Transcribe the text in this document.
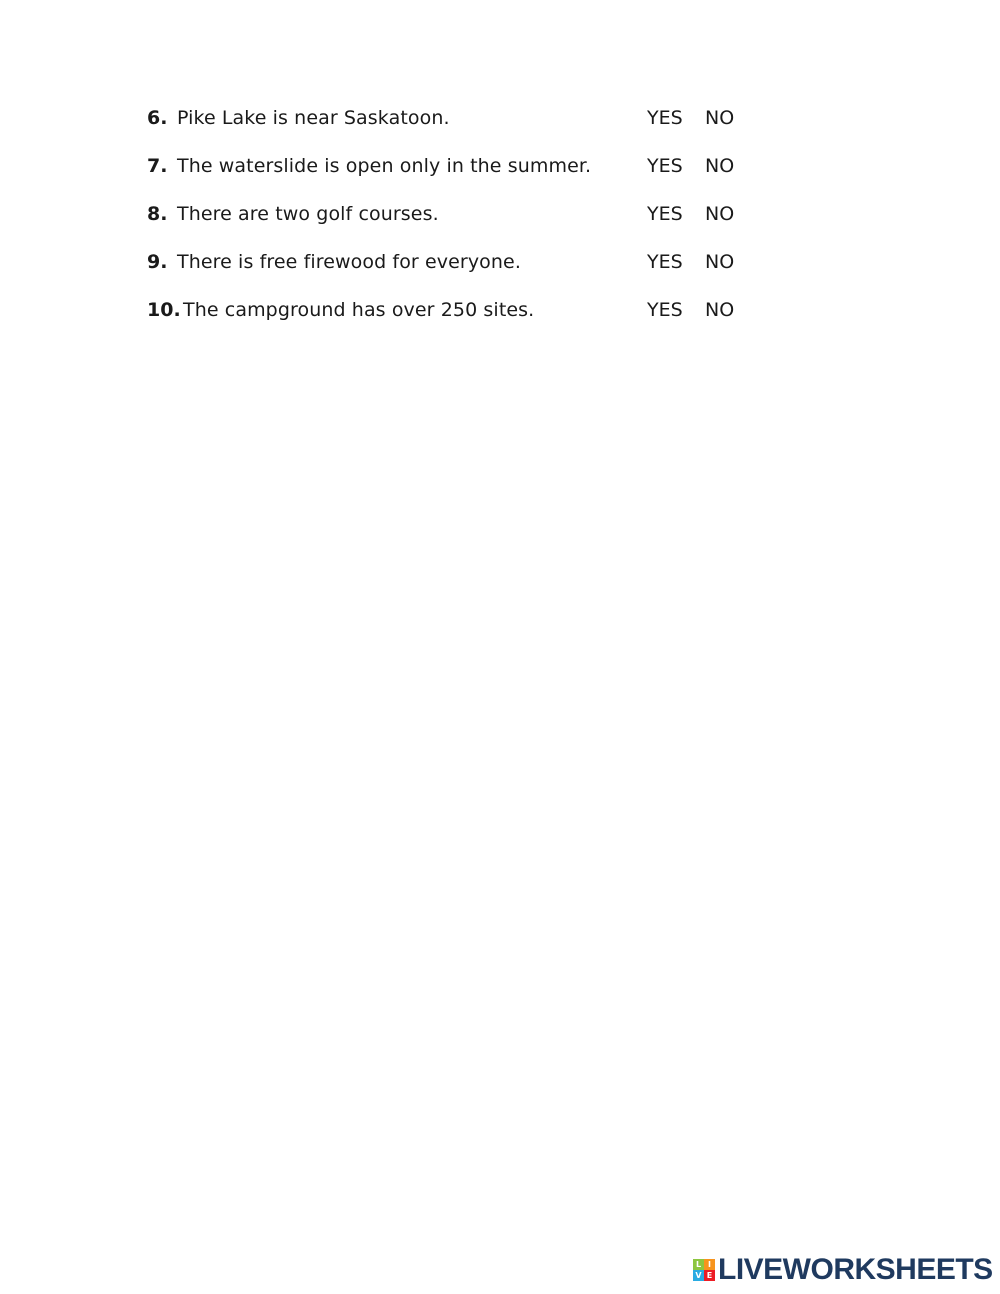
6. Pike Lake is near Saskatoon.	YES NO
7. The waterslide is open only in the summer.	YES NO
8. There are two golf courses.	YES NO
9. There is free firewood for everyone.	YES NO
10. The campground has over 250 sites.	YES NO
L I
V E LIVEWORKSHEETS
